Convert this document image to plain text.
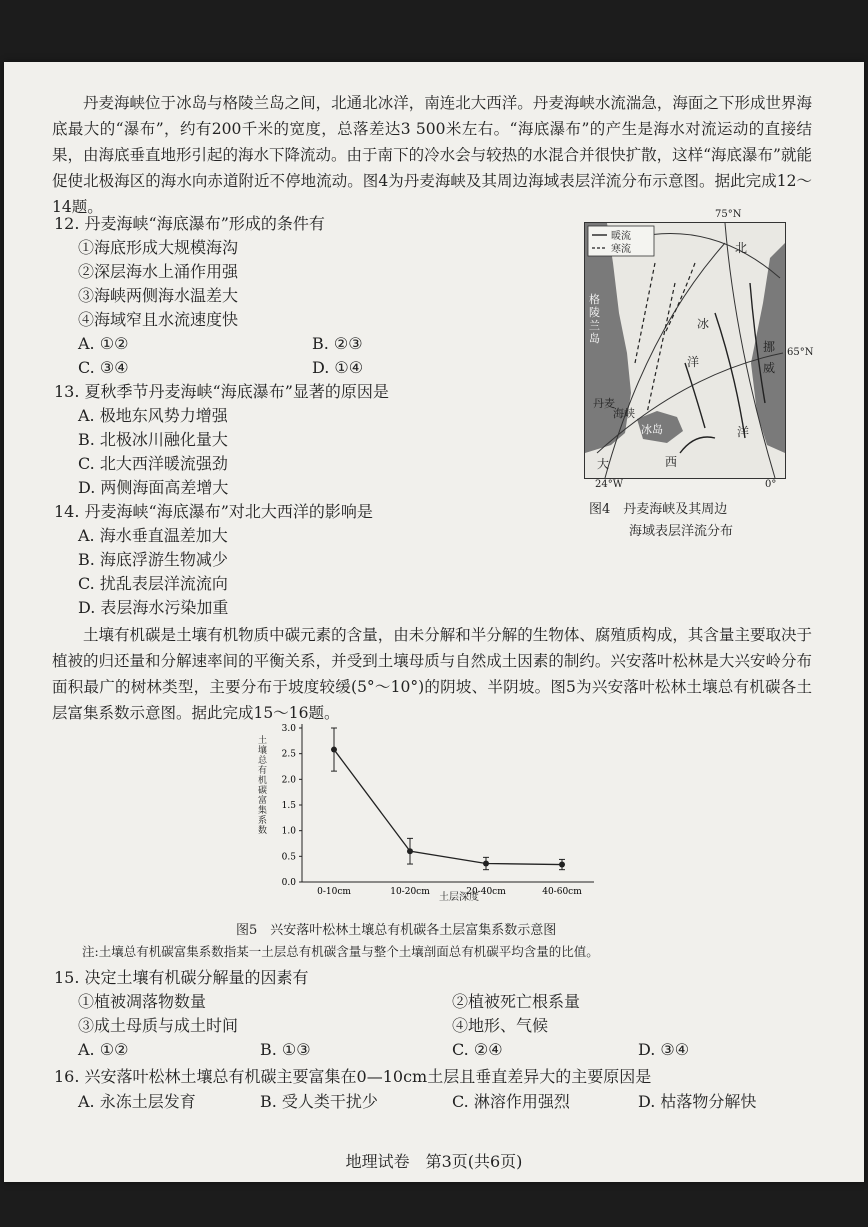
丹麦海峡位于冰岛与格陵兰岛之间，北通北冰洋，南连北大西洋。丹麦海峡水流湍急，海面之下形成世界海底最大的“瀑布”，约有200千米的宽度，总落差达3 500米左右。“海底瀑布”的产生是海水对流运动的直接结果，由海底垂直地形引起的海水下降流动。由于南下的冷水会与较热的水混合并很快扩散，这样“海底瀑布”就能促使北极海区的海水向赤道附近不停地流动。图4为丹麦海峡及其周边海域表层洋流分布示意图。据此完成12～14题。
12. 丹麦海峡“海底瀑布”形成的条件有
①海底形成大规模海沟
②深层海水上涌作用强
③海峡两侧海水温差大
④海域窄且水流速度快
A. ①②	B. ②③
C. ③④	D. ①④
13. 夏秋季节丹麦海峡“海底瀑布”显著的原因是
A. 极地东风势力增强
B. 北极冰川融化量大
C. 北大西洋暖流强劲
D. 两侧海面高差增大
14. 丹麦海峡“海底瀑布”对北大西洋的影响是
A. 海水垂直温差加大
B. 海底浮游生物减少
C. 扰乱表层洋流流向
D. 表层海水污染加重
暖流
寒流
75°N
65°N
24°W	0°
格陵兰岛
北
冰
洋
挪
威
丹麦
海峡
冰岛	洋
大	西
图4　丹麦海峡及其周边
海域表层洋流分布
土壤有机碳是土壤有机物质中碳元素的含量，由未分解和半分解的生物体、腐殖质构成，其含量主要取决于植被的归还量和分解速率间的平衡关系，并受到土壤母质与自然成土因素的制约。兴安落叶松林是大兴安岭分布面积最广的树林类型，主要分布于坡度较缓(5°～10°)的阴坡、半阴坡。图5为兴安落叶松林土壤总有机碳各土层富集系数示意图。据此完成15～16题。
0.0
0.5
1.0
1.5
2.0
2.5
3.0
0-10cm	10-20cm	20-40cm	40-60cm
土壤总有机碳富集系数
土层深度
图5　兴安落叶松林土壤总有机碳各土层富集系数示意图
注:土壤总有机碳富集系数指某一土层总有机碳含量与整个土壤剖面总有机碳平均含量的比值。
15. 决定土壤有机碳分解量的因素有
①植被凋落物数量	②植被死亡根系量
③成土母质与成土时间	④地形、气候
A. ①②	B. ①③	C. ②④	D. ③④
16. 兴安落叶松林土壤总有机碳主要富集在0—10cm土层且垂直差异大的主要原因是
A. 永冻土层发育	B. 受人类干扰少	C. 淋溶作用强烈	D. 枯落物分解快
地理试卷　第3页(共6页)
